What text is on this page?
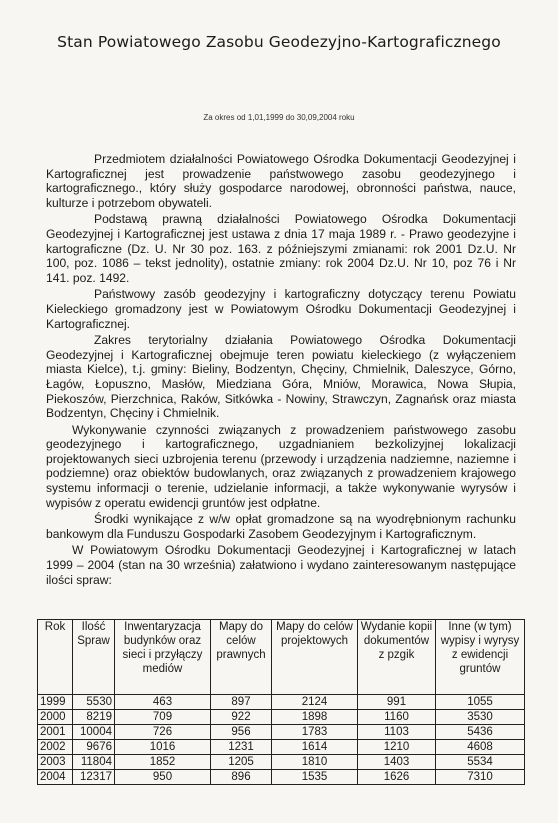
Stan Powiatowego Zasobu Geodezyjno-Kartograficznego
Za okres od 1,01,1999 do 30,09,2004 roku

Przedmiotem działalności Powiatowego Ośrodka Dokumentacji Geodezyjnej i Kartograficznej jest prowadzenie państwowego zasobu geodezyjnego i kartograficznego., który służy gospodarce narodowej, obronności państwa, nauce, kulturze i potrzebom obywateli.

Podstawą prawną działalności Powiatowego Ośrodka Dokumentacji Geodezyjnej i Kartograficznej jest ustawa z dnia 17 maja 1989 r. - Prawo geodezyjne i kartograficzne (Dz. U. Nr 30 poz. 163. z późniejszymi zmianami: rok 2001 Dz.U. Nr 100, poz. 1086 – tekst jednolity), ostatnie zmiany: rok 2004 Dz.U. Nr 10, poz 76 i Nr 141. poz. 1492.

Państwowy zasób geodezyjny i kartograficzny dotyczący terenu Powiatu Kieleckiego gromadzony jest w Powiatowym Ośrodku Dokumentacji Geodezyjnej i Kartograficznej.

Zakres terytorialny działania Powiatowego Ośrodka Dokumentacji Geodezyjnej i Kartograficznej obejmuje teren powiatu kieleckiego (z wyłączeniem miasta Kielce), t.j. gminy: Bieliny, Bodzentyn, Chęciny, Chmielnik, Daleszyce, Górno, Łagów, Łopuszno, Masłów, Miedziana Góra, Mniów, Morawica, Nowa Słupia, Piekoszów, Pierzchnica, Raków, Sitkówka - Nowiny, Strawczyn, Zagnańsk oraz miasta Bodzentyn, Chęciny i Chmielnik.

Wykonywanie czynności związanych z prowadzeniem państwowego zasobu geodezyjnego i kartograficznego, uzgadnianiem bezkolizyjnej lokalizacji projektowanych sieci uzbrojenia terenu (przewody i urządzenia nadziemne, naziemne i podziemne) oraz obiektów budowlanych, oraz związanych z prowadzeniem krajowego systemu informacji o terenie, udzielanie informacji, a także wykonywanie wyrysów i wypisów z operatu ewidencji gruntów jest odpłatne.

Środki wynikające z w/w opłat gromadzone są na wyodrębnionym rachunku bankowym dla Funduszu Gospodarki Zasobem Geodezyjnym i Kartograficznym.

W Powiatowym Ośrodku Dokumentacji Geodezyjnej i Kartograficznej w latach 1999 – 2004 (stan na 30 września) załatwiono i wydano zainteresowanym następujące ilości spraw:

Rok	Ilość Spraw	Inwentaryzacja budynków oraz sieci i przyłączy mediów	Mapy do celów prawnych	Mapy do celów projektowych	Wydanie kopii dokumentów z pzgik	Inne (w tym) wypisy i wyrysy z ewidencji gruntów
1999	5530	463	897	2124	991	1055
2000	8219	709	922	1898	1160	3530
2001	10004	726	956	1783	1103	5436
2002	9676	1016	1231	1614	1210	4608
2003	11804	1852	1205	1810	1403	5534
2004	12317	950	896	1535	1626	7310
